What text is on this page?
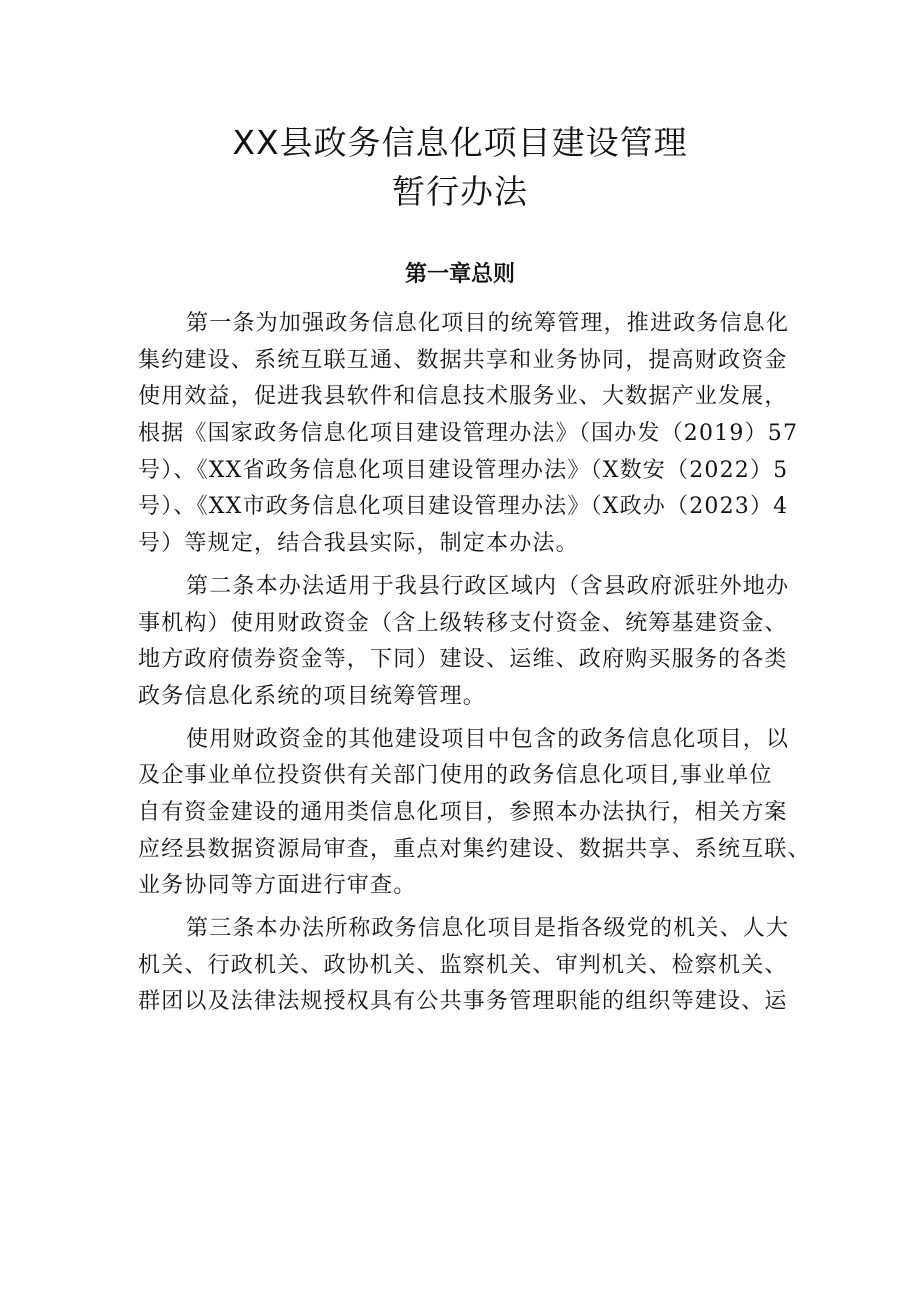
XX县政务信息化项目建设管理
暂行办法
第一章总则
第一条为加强政务信息化项目的统筹管理，推进政务信息化
集约建设、系统互联互通、数据共享和业务协同，提高财政资金
使用效益，促进我县软件和信息技术服务业、大数据产业发展，
根据《国家政务信息化项目建设管理办法》（国办发（2019）57
号）、《XX省政务信息化项目建设管理办法》（X数安（2022）5
号）、《XX市政务信息化项目建设管理办法》（X政办（2023）4
号）等规定，结合我县实际，制定本办法。
第二条本办法适用于我县行政区域内（含县政府派驻外地办
事机构）使用财政资金（含上级转移支付资金、统筹基建资金、
地方政府债券资金等，下同）建设、运维、政府购买服务的各类
政务信息化系统的项目统筹管理。
使用财政资金的其他建设项目中包含的政务信息化项目，以
及企事业单位投资供有关部门使用的政务信息化项目,事业单位
自有资金建设的通用类信息化项目，参照本办法执行，相关方案
应经县数据资源局审查，重点对集约建设、数据共享、系统互联、
业务协同等方面进行审查。
第三条本办法所称政务信息化项目是指各级党的机关、人大
机关、行政机关、政协机关、监察机关、审判机关、检察机关、
群团以及法律法规授权具有公共事务管理职能的组织等建设、运
